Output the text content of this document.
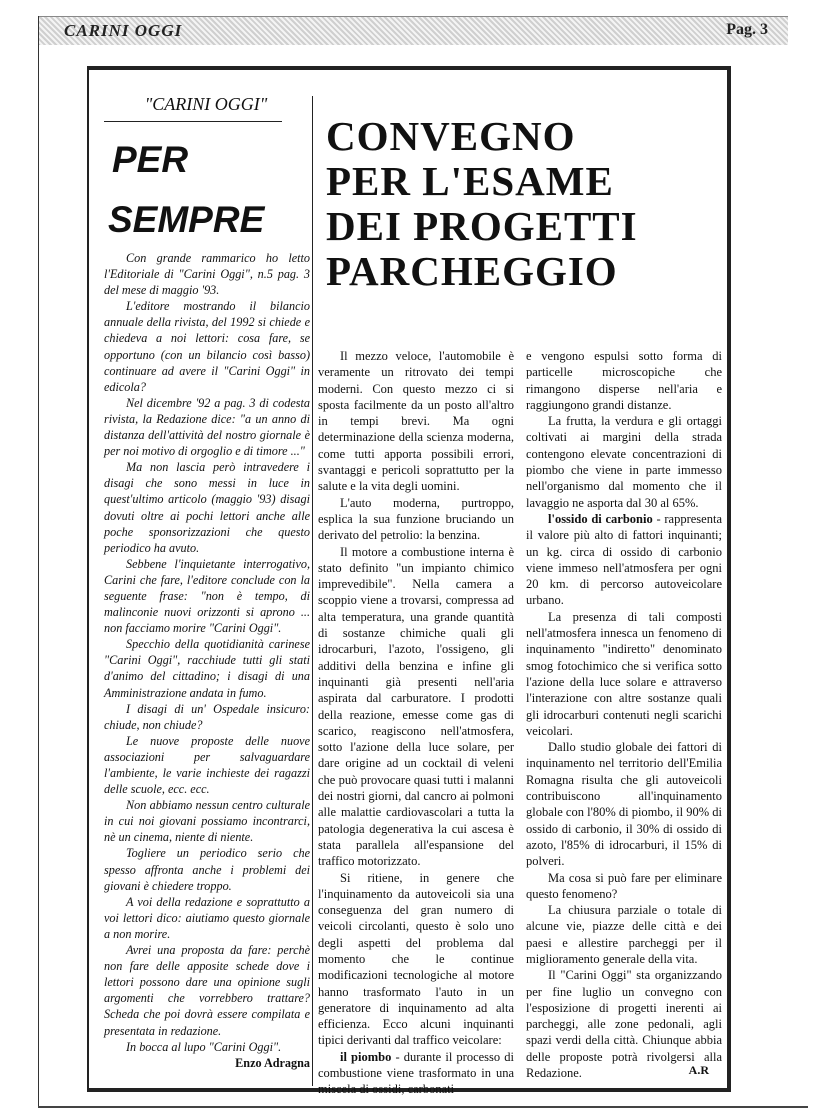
CARINI OGGI	Pag. 3

"CARINI OGGI"

PER

SEMPRE

Con grande rammarico ho letto l'Editoriale di "Carini Oggi", n.5 pag. 3 del mese di maggio '93.

L'editore mostrando il bilancio annuale della rivista, del 1992 si chiede e chiedeva a noi lettori: cosa fare, se opportuno (con un bilancio così basso) continuare ad avere il "Carini Oggi" in edicola?

Nel dicembre '92 a pag. 3 di codesta rivista, la Redazione dice: "a un anno di distanza dell'attività del nostro giornale è per noi motivo di orgoglio e di timore ..."

Ma non lascia però intravedere i disagi che sono messi in luce in quest'ultimo articolo (maggio '93) disagi dovuti oltre ai pochi lettori anche alle poche sponsorizzazioni che questo periodico ha avuto.

Sebbene l'inquietante interrogativo, Carini che fare, l'editore conclude con la seguente frase: "non è tempo, di malinconie nuovi orizzonti si aprono ... non facciamo morire "Carini Oggi".

Specchio della quotidianità carinese "Carini Oggi", racchiude tutti gli stati d'animo del cittadino; i disagi di una Amministrazione andata in fumo.

I disagi di un' Ospedale insicuro: chiude, non chiude?

Le nuove proposte delle nuove associazioni per salvaguardare l'ambiente, le varie inchieste dei ragazzi delle scuole, ecc. ecc.

Non abbiamo nessun centro culturale in cui noi giovani possiamo incontrarci, nè un cinema, niente di niente.

Togliere un periodico serio che spesso affronta anche i problemi dei giovani è chiedere troppo.

A voi della redazione e soprattutto a voi lettori dico: aiutiamo questo giornale a non morire.

Avrei una proposta da fare: perchè non fare delle apposite schede dove i lettori possono dare una opinione sugli argomenti che vorrebbero trattare? Scheda che poi dovrà essere compilata e presentata in redazione.

In bocca al lupo "Carini Oggi".

Enzo Adragna

CONVEGNO
PER L'ESAME
DEI PROGETTI
PARCHEGGIO

Il mezzo veloce, l'automobile è veramente un ritrovato dei tempi moderni. Con questo mezzo ci si sposta facilmente da un posto all'altro in tempi brevi. Ma ogni determinazione della scienza moderna, come tutti apporta possibili errori, svantaggi e pericoli soprattutto per la salute e la vita degli uomini.

L'auto moderna, purtroppo, esplica la sua funzione bruciando un derivato del petrolio: la benzina.

Il motore a combustione interna è stato definito "un impianto chimico imprevedibile". Nella camera a scoppio viene a trovarsi, compressa ad alta temperatura, una grande quantità di sostanze chimiche quali gli idrocarburi, l'azoto, l'ossigeno, gli additivi della benzina e infine gli inquinanti già presenti nell'aria aspirata dal carburatore. I prodotti della reazione, emesse come gas di scarico, reagiscono nell'atmosfera, sotto l'azione della luce solare, per dare origine ad un cocktail di veleni che può provocare quasi tutti i malanni dei nostri giorni, dal cancro ai polmoni alle malattie cardiovascolari a tutta la patologia degenerativa la cui ascesa è stata parallela all'espansione del traffico motorizzato.

Si ritiene, in genere che l'inquinamento da autoveicoli sia una conseguenza del gran numero di veicoli circolanti, questo è solo uno degli aspetti del problema dal momento che le continue modificazioni tecnologiche al motore hanno trasformato l'auto in un generatore di inquinamento ad alta efficienza. Ecco alcuni inquinanti tipici derivanti dal traffico veicolare:

il piombo - durante il processo di combustione viene trasformato in una miscela di ossidi, carbonati

e vengono espulsi sotto forma di particelle microscopiche che rimangono disperse nell'aria e raggiungono grandi distanze.

La frutta, la verdura e gli ortaggi coltivati ai margini della strada contengono elevate concentrazioni di piombo che viene in parte immesso nell'organismo dal momento che il lavaggio ne asporta dal 30 al 65%.

l'ossido di carbonio - rappresenta il valore più alto di fattori inquinanti; un kg. circa di ossido di carbonio viene immeso nell'atmosfera per ogni 20 km. di percorso autoveicolare urbano.

La presenza di tali composti nell'atmosfera innesca un fenomeno di inquinamento "indiretto" denominato smog fotochimico che si verifica sotto l'azione della luce solare e attraverso l'interazione con altre sostanze quali gli idrocarburi contenuti negli scarichi veicolari.

Dallo studio globale dei fattori di inquinamento nel territorio dell'Emilia Romagna risulta che gli autoveicoli contribuiscono all'inquinamento globale con l'80% di piombo, il 90% di ossido di carbonio, il 30% di ossido di azoto, l'85% di idrocarburi, il 15% di polveri.

Ma cosa si può fare per eliminare questo fenomeno?

La chiusura parziale o totale di alcune vie, piazze delle città e dei paesi e allestire parcheggi per il miglioramento generale della vita.

Il "Carini Oggi" sta organizzando per fine luglio un convegno con l'esposizione di progetti inerenti ai parcheggi, alle zone pedonali, agli spazi verdi della città. Chiunque abbia delle proposte potrà rivolgersi alla Redazione.	A.R
